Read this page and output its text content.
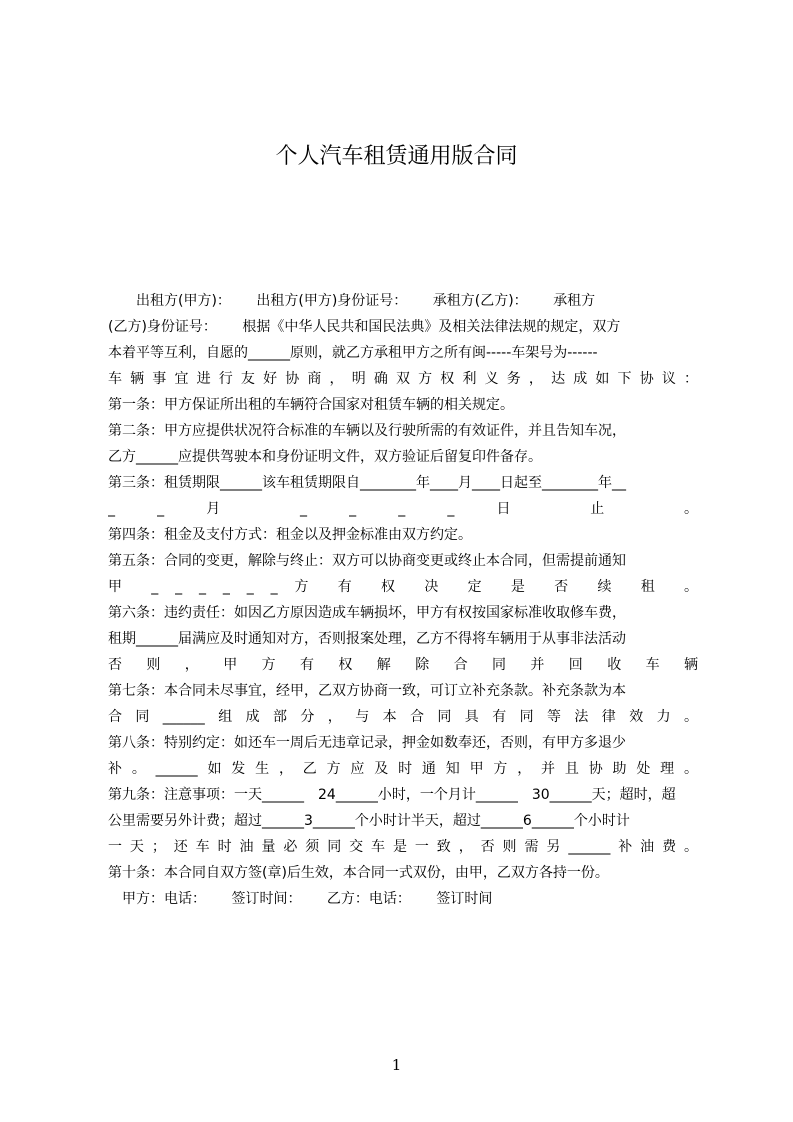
个人汽车租赁通用版合同
　　出租方(甲方)：　　 出租方(甲方)身份证号：　　 承租方(乙方)：　　 承租方
(乙方)身份证号：　　 根据《中华人民共和国民法典》及相关法律法规的规定，双方
本着平等互利，自愿的______原则，就乙方承租甲方之所有闽-----车架号为------
车辆事宜进行友好协商，明确双方权利义务，达成如下协议：
第一条：甲方保证所出租的车辆符合国家对租赁车辆的相关规定。
第二条：甲方应提供状况符合标准的车辆以及行驶所需的有效证件，并且告知车况，
乙方______应提供驾驶本和身份证明文件，双方验证后留复印件备存。
第三条：租赁期限______该车租赁期限自________年____月____日起至________年__
_ _ 月 _ _ _ _ 日 止 。
第四条：租金及支付方式：租金以及押金标准由双方约定。
第五条：合同的变更，解除与终止：双方可以协商变更或终止本合同，但需提前通知
甲 _ _ _ _ _ _ 方 有 权 决 定 是 否 续 租 。
第六条：违约责任：如因乙方原因造成车辆损坏，甲方有权按国家标准收取修车费，
租期______届满应及时通知对方，否则报案处理，乙方不得将车辆用于从事非法活动
否 则 ， 甲 方 有 权 解 除 合 同 并 回 收 车 辆
第七条：本合同未尽事宜，经甲，乙双方协商一致，可订立补充条款。补充条款为本
合同______组成部分，与本合同具有同等法律效力。
第八条：特别约定：如还车一周后无违章记录，押金如数奉还，否则，有甲方多退少
补。______如发生，乙方应及时通知甲方，并且协助处理。
第九条：注意事项：一天______　24______小时，一个月计______　30______天；超时，超
公里需要另外计费；超过______3______个小时计半天，超过______6______个小时计
一天；还车时油量必须同交车是一致，否则需另______补油费。
第十条：本合同自双方签(章)后生效，本合同一式双份，由甲，乙双方各持一份。
　甲方：电话：　　 签订时间：　　 乙方：电话：　　 签订时间
1
